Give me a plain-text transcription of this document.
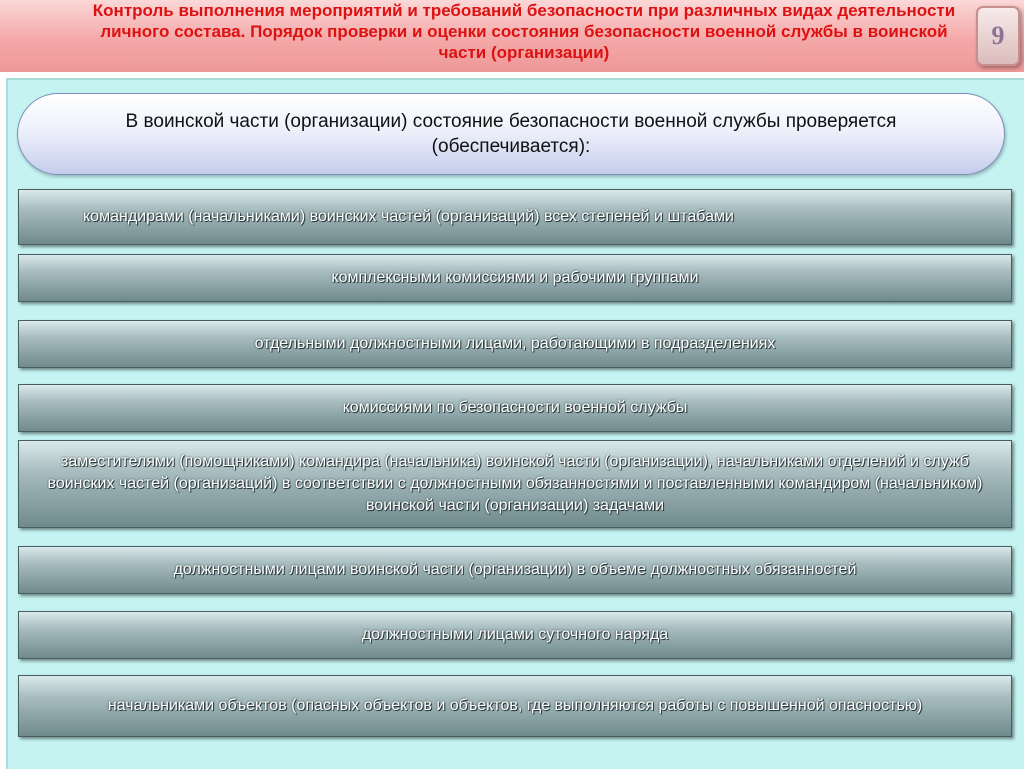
Контроль выполнения мероприятий и требований безопасности при различных видах деятельности
личного состава. Порядок проверки и оценки состояния безопасности военной службы в воинской
части (организации)
9
В воинской части (организации) состояние безопасности военной службы проверяется (обеспечивается):
командирами (начальниками) воинских частей (организаций) всех степеней и штабами
комплексными комиссиями и рабочими группами
отдельными должностными лицами, работающими в подразделениях
комиссиями по безопасности военной службы
заместителями (помощниками) командира (начальника) воинской части (организации), начальниками отделений и служб воинских частей (организаций) в соответствии с должностными обязанностями и поставленными командиром (начальником) воинской части (организации) задачами
должностными лицами воинской части (организации) в объеме должностных обязанностей
должностными лицами суточного наряда
начальниками объектов (опасных объектов и объектов, где выполняются работы с повышенной опасностью)
